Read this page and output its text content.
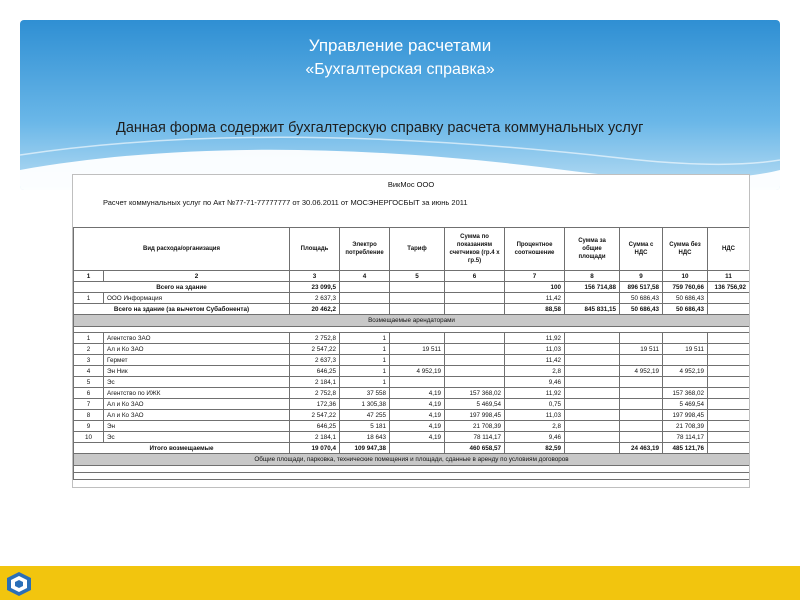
Управление расчетами
«Бухгалтерская справка»
Данная форма содержит бухгалтерскую справку расчета коммунальных услуг
ВикМос ООО
Расчет коммунальных услуг по Акт №77-71-77777777 от 30.06.2011 от МОСЭНЕРГОСБЫТ за июнь 2011
Вид расхода/организация		Площадь	Электро потребление	Тариф	Сумма по показаниям счетчиков (гр.4 х гр.5)	Процентное соотношение	Сумма за общие площади	Сумма с НДС	Сумма без НДС	НДС
1	2	3	4	5	6	7	8	9	10	11
Всего на здание		23 099,5				100	156 714,88	896 517,58	759 760,66	136 756,92
1	ООО Информация	2 637,3				11,42		50 686,43	50 686,43	
Всего на здание (за вычетом Субабонента)		20 462,2				88,58	845 831,15	50 686,43	50 686,43	
Возмещаемые арендаторами										

1	Агентство ЗАО	2 752,8	1			11,92				
2	Ал и Ко ЗАО	2 547,22	1	19 511		11,03		19 511	19 511	
3	Гермет	2 637,3	1			11,42				
4	Эн Ник	646,25	1	4 952,19		2,8		4 952,19	4 952,19	
5	Эс	2 184,1	1			9,46				
6	Агентство по ИЖК	2 752,8	37 558	4,19	157 368,02	11,92			157 368,02	
7	Ал и Ко ЗАО	172,36	1 305,38	4,19	5 469,54	0,75			5 469,54	
8	Ал и Ко ЗАО	2 547,22	47 255	4,19	197 998,45	11,03			197 998,45	
9	Эн	646,25	5 181	4,19	21 708,39	2,8			21 708,39	
10	Эс	2 184,1	18 643	4,19	78 114,17	9,46			78 114,17	
Итого возмещаемые		19 070,4	109 947,38		460 658,57	82,59		24 463,19	485 121,76	
Общие площади, парковка, технические помещения и площади, сданные в аренду по условиям договоров										
